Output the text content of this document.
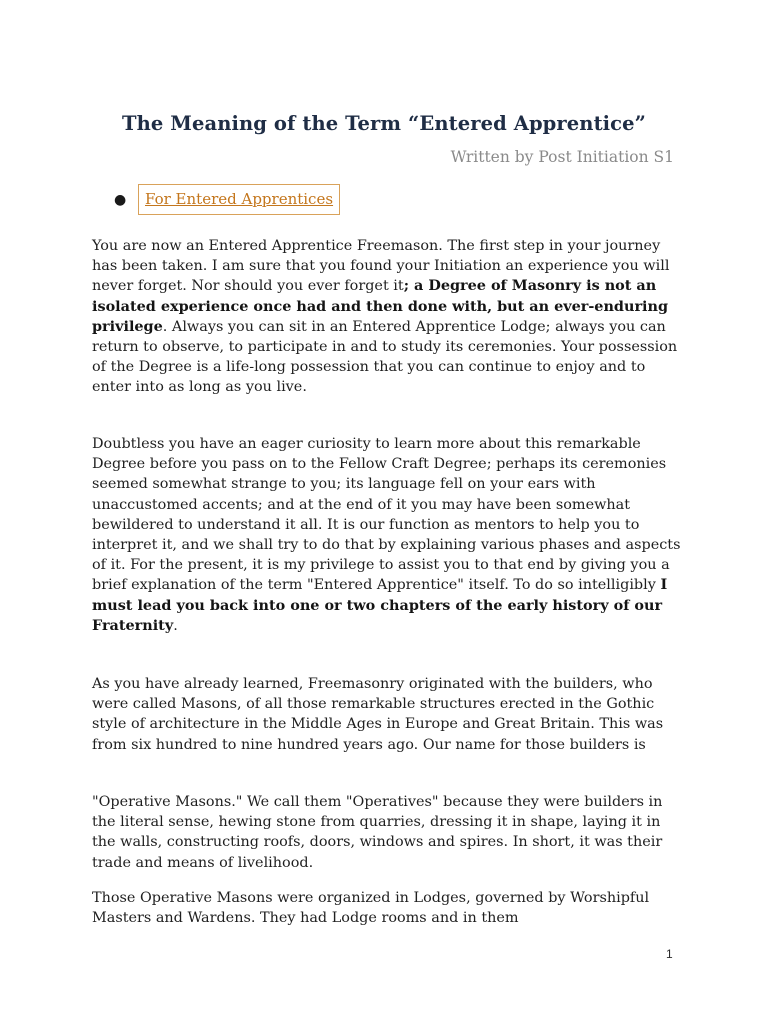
The Meaning of the Term “Entered Apprentice”
Written by Post Initiation S1
●	For Entered Apprentices

You are now an Entered Apprentice Freemason. The first step in your journey has been taken. I am sure that you found your Initiation an experience you will never forget. Nor should you ever forget it; a Degree of Masonry is not an isolated experience once had and then done with, but an ever-enduring privilege. Always you can sit in an Entered Apprentice Lodge; always you can return to observe, to participate in and to study its ceremonies. Your possession of the Degree is a life-long possession that you can continue to enjoy and to enter into as long as you live.

Doubtless you have an eager curiosity to learn more about this remarkable Degree before you pass on to the Fellow Craft Degree; perhaps its ceremonies seemed somewhat strange to you; its language fell on your ears with unaccustomed accents; and at the end of it you may have been somewhat bewildered to understand it all. It is our function as mentors to help you to interpret it, and we shall try to do that by explaining various phases and aspects of it. For the present, it is my privilege to assist you to that end by giving you a brief explanation of the term "Entered Apprentice" itself. To do so intelligibly I must lead you back into one or two chapters of the early history of our Fraternity.

As you have already learned, Freemasonry originated with the builders, who were called Masons, of all those remarkable structures erected in the Gothic style of architecture in the Middle Ages in Europe and Great Britain. This was from six hundred to nine hundred years ago. Our name for those builders is

"Operative Masons." We call them "Operatives" because they were builders in the literal sense, hewing stone from quarries, dressing it in shape, laying it in the walls, constructing roofs, doors, windows and spires. In short, it was their trade and means of livelihood.

Those Operative Masons were organized in Lodges, governed by Worshipful Masters and Wardens. They had Lodge rooms and in them

1
